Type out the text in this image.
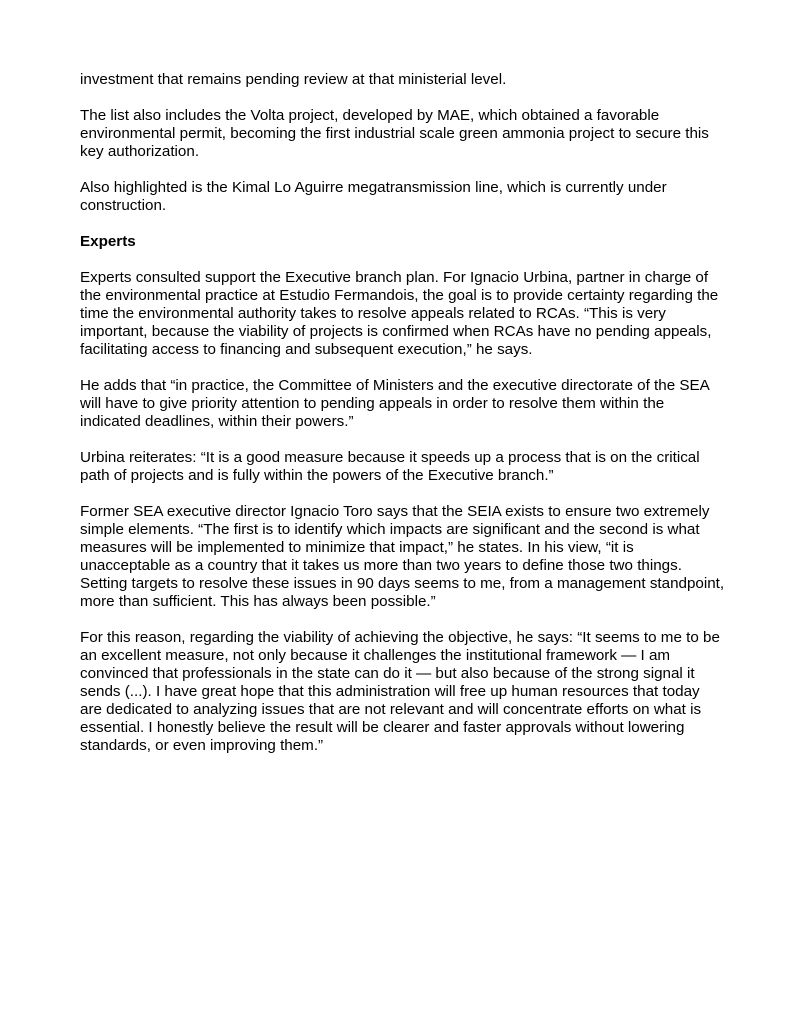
investment that remains pending review at that ministerial level.

The list also includes the Volta project, developed by MAE, which obtained a favorable environmental permit, becoming the first industrial scale green ammonia project to secure this key authorization.

Also highlighted is the Kimal Lo Aguirre megatransmission line, which is currently under construction.

Experts

Experts consulted support the Executive branch plan. For Ignacio Urbina, partner in charge of the environmental practice at Estudio Fermandois, the goal is to provide certainty regarding the time the environmental authority takes to resolve appeals related to RCAs. “This is very important, because the viability of projects is confirmed when RCAs have no pending appeals, facilitating access to financing and subsequent execution,” he says.

He adds that “in practice, the Committee of Ministers and the executive directorate of the SEA will have to give priority attention to pending appeals in order to resolve them within the indicated deadlines, within their powers.”

Urbina reiterates: “It is a good measure because it speeds up a process that is on the critical path of projects and is fully within the powers of the Executive branch.”

Former SEA executive director Ignacio Toro says that the SEIA exists to ensure two extremely simple elements. “The first is to identify which impacts are significant and the second is what measures will be implemented to minimize that impact,” he states. In his view, “it is unacceptable as a country that it takes us more than two years to define those two things. Setting targets to resolve these issues in 90 days seems to me, from a management standpoint, more than sufficient. This has always been possible.”

For this reason, regarding the viability of achieving the objective, he says: “It seems to me to be an excellent measure, not only because it challenges the institutional framework — I am convinced that professionals in the state can do it — but also because of the strong signal it sends (...). I have great hope that this administration will free up human resources that today are dedicated to analyzing issues that are not relevant and will concentrate efforts on what is essential. I honestly believe the result will be clearer and faster approvals without lowering standards, or even improving them.”
